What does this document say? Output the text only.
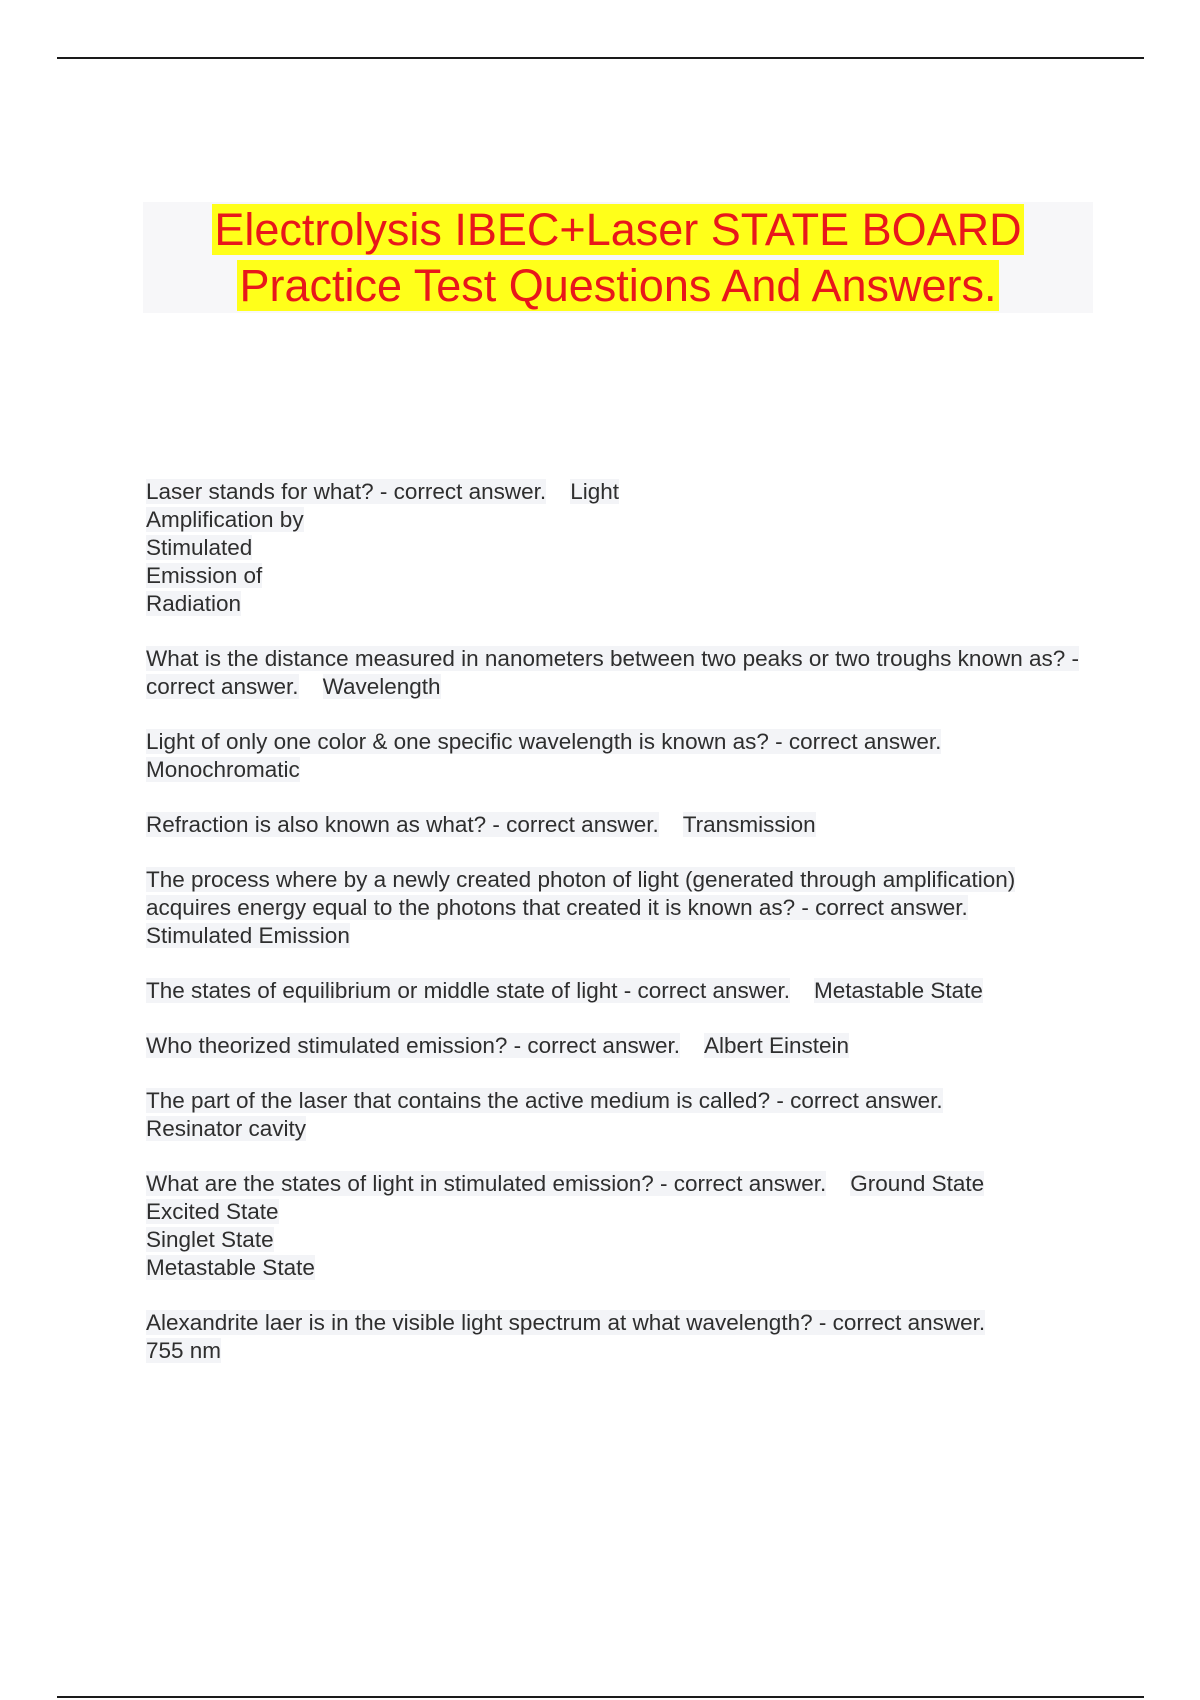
Electrolysis IBEC+Laser STATE BOARD
Practice Test Questions And Answers.
Laser stands for what? - correct answer. Light
Amplification by
Stimulated
Emission of
Radiation
What is the distance measured in nanometers between two peaks or two troughs known as? - correct answer. Wavelength
Light of only one color & one specific wavelength is known as? - correct answer.
Monochromatic
Refraction is also known as what? - correct answer. Transmission
The process where by a newly created photon of light (generated through amplification) acquires energy equal to the photons that created it is known as? - correct answer.
Stimulated Emission
The states of equilibrium or middle state of light - correct answer. Metastable State
Who theorized stimulated emission? - correct answer. Albert Einstein
The part of the laser that contains the active medium is called? - correct answer.
Resinator cavity
What are the states of light in stimulated emission? - correct answer. Ground State
Excited State
Singlet State
Metastable State
Alexandrite laer is in the visible light spectrum at what wavelength? - correct answer.
755 nm
